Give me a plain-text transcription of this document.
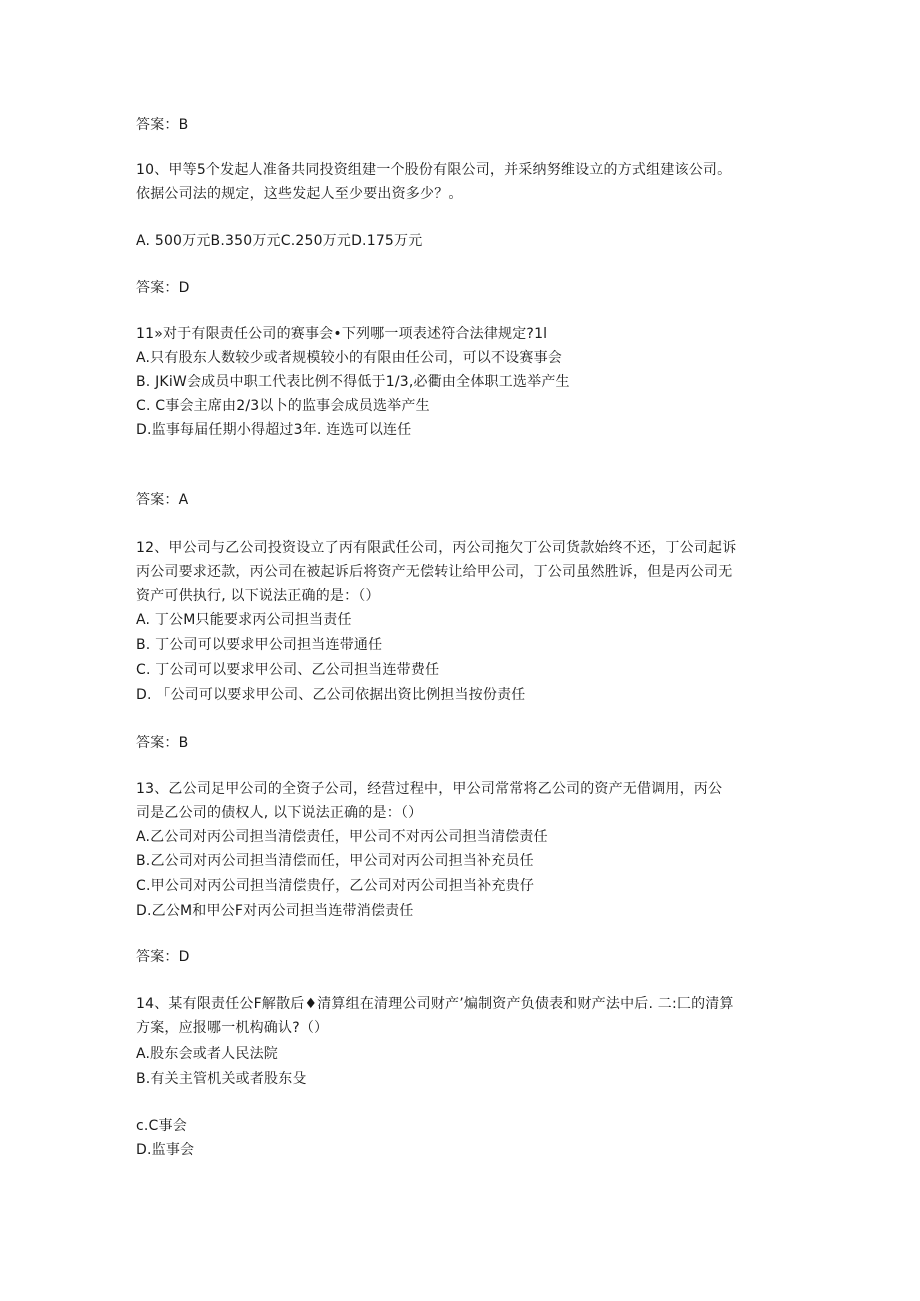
答案：B
10、甲等5个发起人准备共同投资组建一个股份有限公司，并采纳努维设立的方式组建该公司。
依据公司法的规定，这些发起人至少要出资多少？。
A. 500万元B.350万元C.250万元D.175万元
答案：D
11»对于有限责任公司的赛事会•下列哪一项表述符合法律规定?1l
A.只有股东人数较少或者规模较小的有限由任公司，可以不设赛事会
B. JKiW会成员中职工代表比例不得低于1/3,必衢由全体职工选举产生
C. C事会主席由2/3以卜的监事会成员选举产生
D.监事每届任期小得超过3年. 连选可以连任
答案：A
12、甲公司与乙公司投资设立了丙有限武任公司，丙公司拖欠丁公司货款始终不还，丁公司起诉
丙公司要求还款，丙公司在被起诉后将资产无偿转让给甲公司，丁公司虽然胜诉，但是丙公司无
资产可供执行, 以下说法正确的是：（）
A. 丁公M只能要求丙公司担当责任
B. 丁公司可以要求甲公司担当连带通任
C. 丁公司可以要求甲公司、乙公司担当连带费任
D. 「公司可以要求甲公司、乙公司依据出资比例担当按份责任
答案：B
13、乙公司足甲公司的全资子公司，经营过程中，甲公司常常将乙公司的资产无借调用，丙公
司是乙公司的债权人, 以下说法正确的是：（）
A.乙公司对丙公司担当清偿责任，甲公司不对丙公司担当清偿责任
B.乙公司对丙公司担当清偿而任，甲公司对丙公司担当补充员任
C.甲公司对丙公司担当清偿贵仔，乙公司对丙公司担当补充贵仔
D.乙公M和甲公F对丙公司担当连带消偿责任
答案：D
14、某有限责任公F解散后♦清算组在清理公司财产’煸制资产负债表和财产法中后. 二:匚的清算
方案，应报哪一机构确认?（）
A.股东会或者人民法院
B.有关主管机关或者股东殳
c.C事会
D.监事会
